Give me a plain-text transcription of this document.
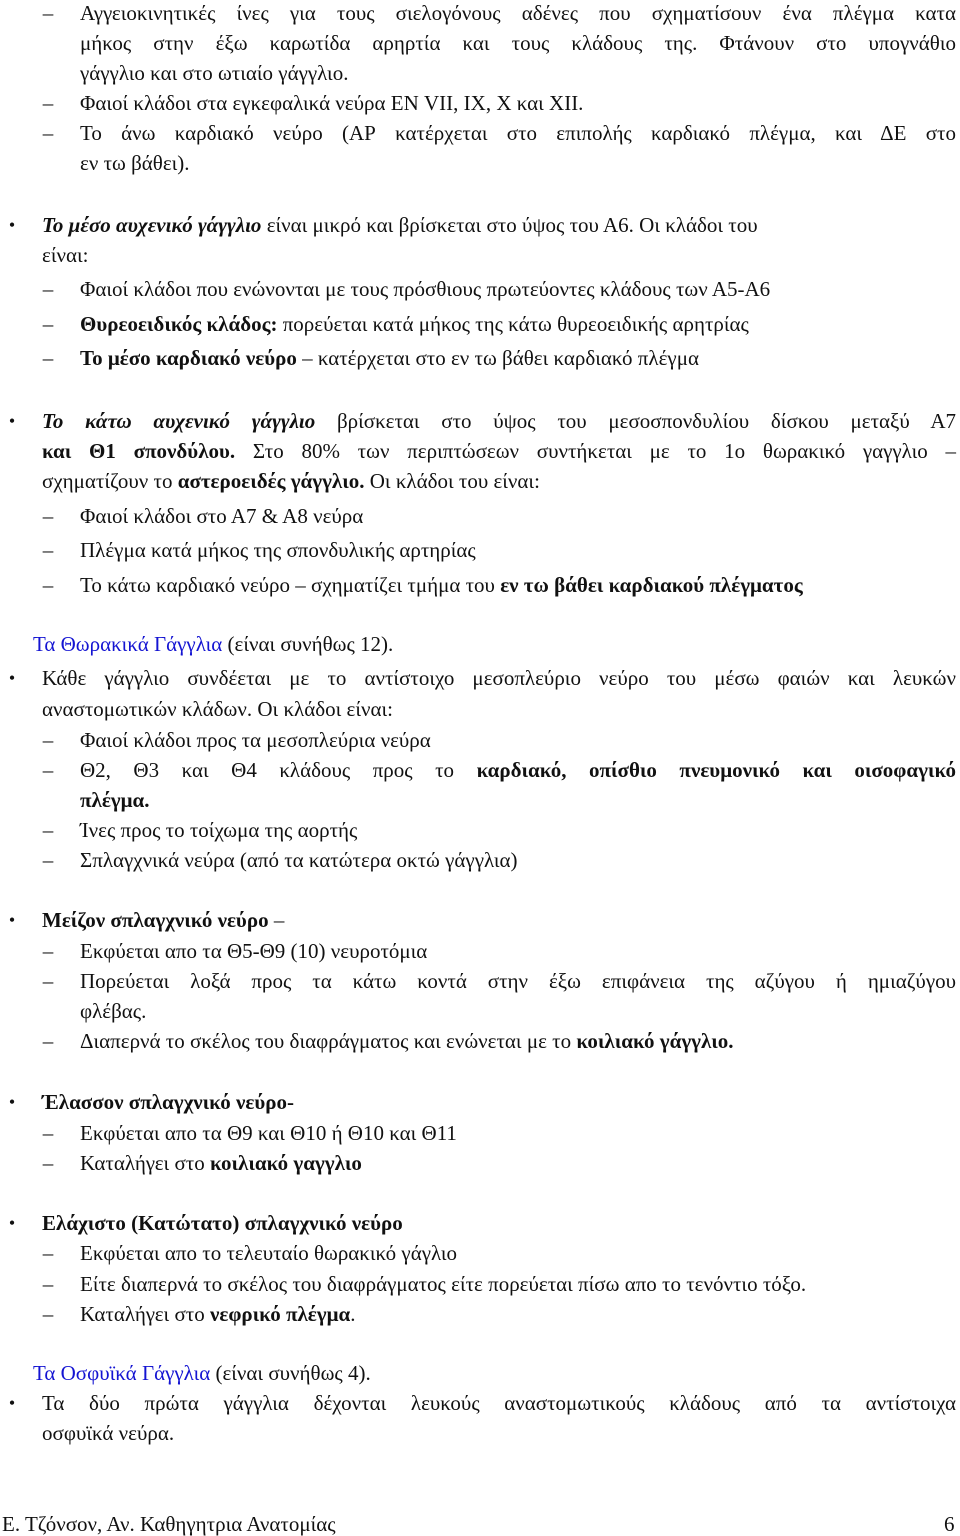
– Αγγειοκινητικές ίνες για τους σιελογόνους αδένες που σχηματίσουν ένα πλέγμα κατα
μήκος στην έξω καρωτίδα αρηρτία και τους κλάδους της. Φτάνουν στο υπογνάθιο
γάγγλιο και στο ωτιαίο γάγγλιο.
– Φαιοί κλάδοι στα εγκεφαλικά νεύρα ΕΝ VII, IX, X και XII.
– Το άνω καρδιακό νεύρο (ΑΡ κατέρχεται στο επιπολής καρδιακό πλέγμα, και ΔΕ στο
εν τω βάθει).
•	Το μέσο αυχενικό γάγγλιο είναι μικρό και βρίσκεται στο ύψος του Α6. Οι κλάδοι του
είναι:
– Φαιοί κλάδοι που ενώνονται με τους πρόσθιους πρωτεύοντες κλάδους των Α5-Α6
– Θυρεοειδικός κλάδος: πορεύεται κατά μήκος της κάτω θυρεοειδικής αρητρίας
– Το μέσο καρδιακό νεύρο – κατέρχεται στο εν τω βάθει καρδιακό πλέγμα
•	Το κάτω αυχενικό γάγγλιο βρίσκεται στο ύψος του μεσοσπονδυλίου δίσκου μεταξύ Α7
και Θ1 σπονδύλου. Στο 80% των περιπτώσεων συντήκεται με το 1ο θωρακικό γαγγλιο –
σχηματίζουν το αστεροειδές γάγγλιο. Οι κλάδοι του είναι:
– Φαιοί κλάδοι στο Α7 & Α8 νεύρα
– Πλέγμα κατά μήκος της σπονδυλικής αρτηρίας
– Το κάτω καρδιακό νεύρο – σχηματίζει τμήμα του εν τω βάθει καρδιακού πλέγματος
Τα Θωρακικά Γάγγλια (είναι συνήθως 12).
•	Κάθε γάγγλιο συνδέεται με το αντίστοιχο μεσοπλεύριο νεύρο του μέσω φαιών και λευκών
αναστομωτικών κλάδων. Οι κλάδοι είναι:
– Φαιοί κλάδοι προς τα μεσοπλεύρια νεύρα
– Θ2, Θ3 και Θ4 κλάδους προς το καρδιακό, οπίσθιο πνευμονικό και οισοφαγικό
πλέγμα.
– Ίνες προς το τοίχωμα της αορτής
– Σπλαγχνικά νεύρα (από τα κατώτερα οκτώ γάγγλια)
•	Μείζον σπλαγχνικό νεύρο –
– Εκφύεται απο τα Θ5-Θ9 (10) νευροτόμια
– Πορεύεται λοξά προς τα κάτω κοντά στην έξω επιφάνεια της αζύγου ή ημιαζύγου
φλέβας.
– Διαπερνά το σκέλος του διαφράγματος και ενώνεται με το κοιλιακό γάγγλιο.
•	Έλασσον σπλαγχνικό νεύρο-
– Εκφύεται απο τα Θ9 και Θ10 ή Θ10 και Θ11
– Καταλήγει στο κοιλιακό γαγγλιο
•	Ελάχιστο (Κατώτατο) σπλαγχνικό νεύρο
– Εκφύεται απο το τελευταίο θωρακικό γάγλιο
– Είτε διαπερνά το σκέλος του διαφράγματος είτε πορεύεται πίσω απο το τενόντιο τόξο.
– Καταλήγει στο νεφρικό πλέγμα.
Τα Οσφυϊκά Γάγγλια (είναι συνήθως 4).
•	Τα δύο πρώτα γάγγλια δέχονται λευκούς αναστομωτικούς κλάδους από τα αντίστοιχα
οσφυϊκά νεύρα.
Ε. Τζόνσον, Αν. Καθηγητρια Ανατομίας	6
